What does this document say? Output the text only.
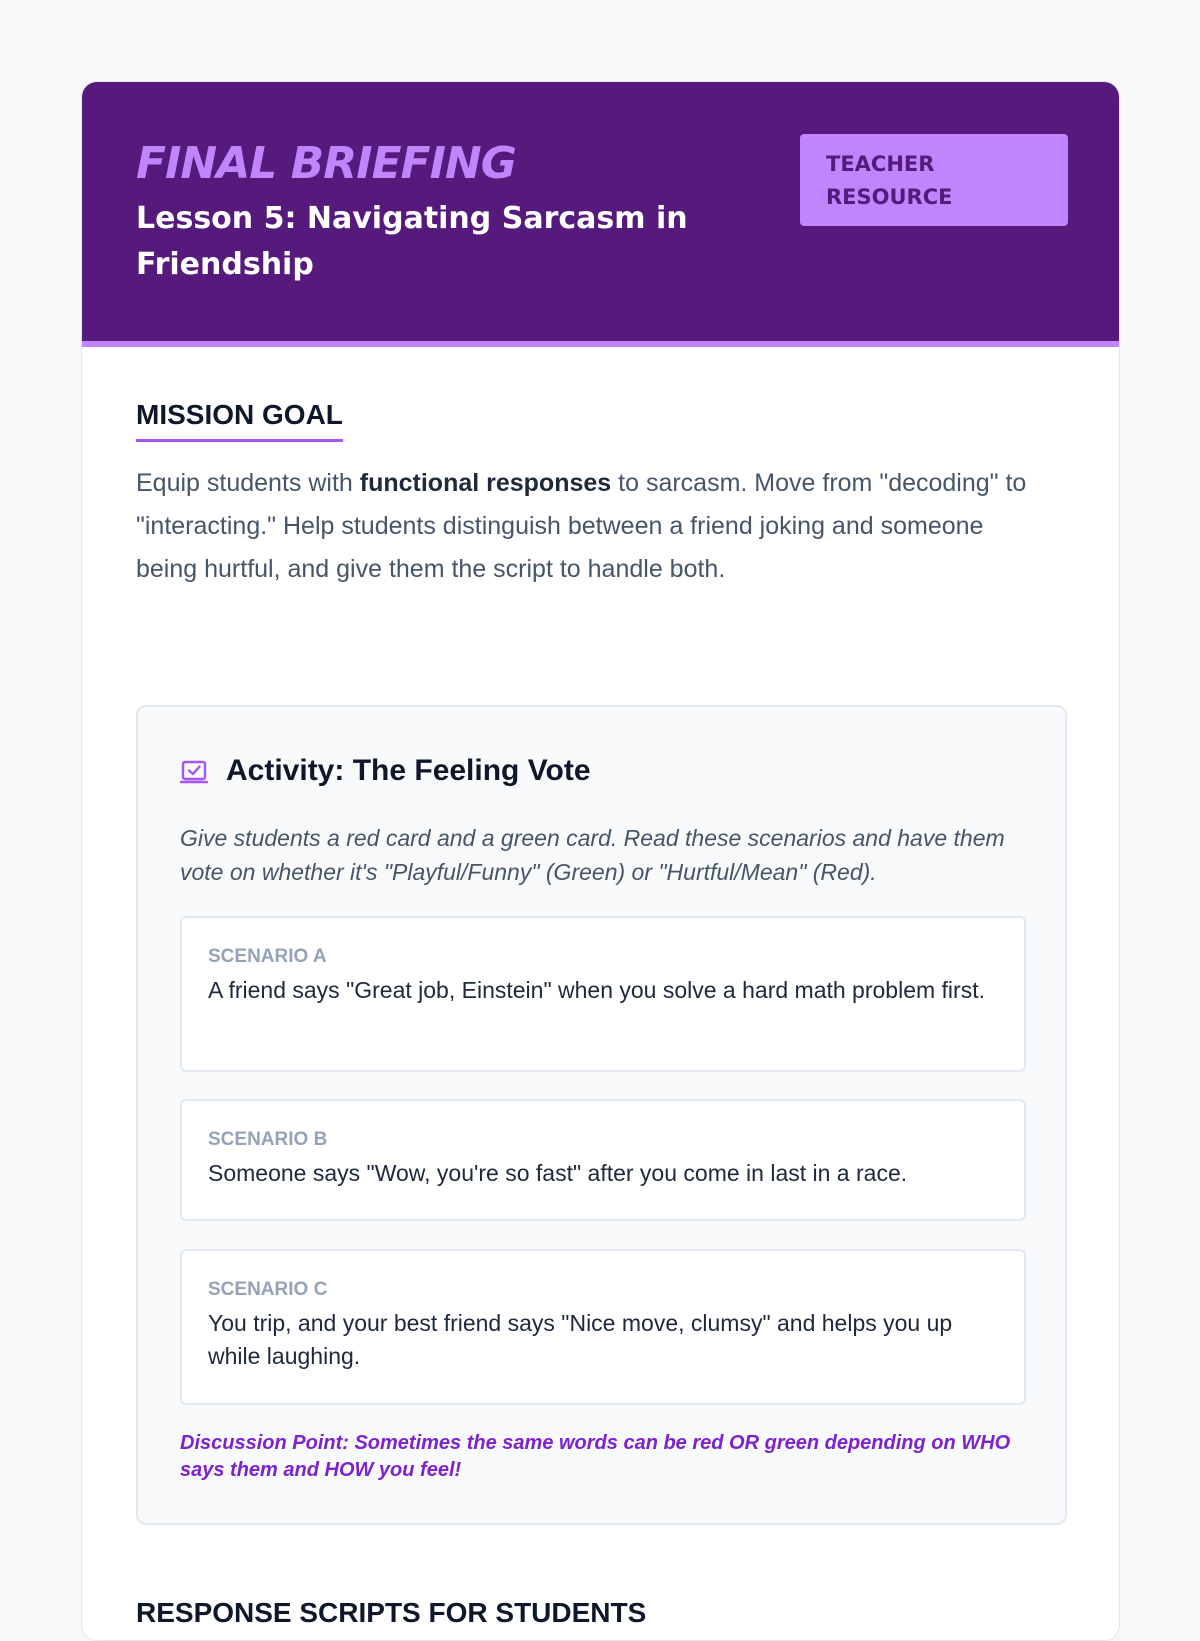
FINAL BRIEFING
Lesson 5: Navigating Sarcasm in Friendship
TEACHER RESOURCE
MISSION GOAL

Equip students with functional responses to sarcasm. Move from "decoding" to "interacting." Help students distinguish between a friend joking and someone being hurtful, and give them the script to handle both.

Activity: The Feeling Vote

Give students a red card and a green card. Read these scenarios and have them vote on whether it's "Playful/Funny" (Green) or "Hurtful/Mean" (Red).

SCENARIO A

A friend says "Great job, Einstein" when you solve a hard math problem first.

SCENARIO B

Someone says "Wow, you're so fast" after you come in last in a race.

SCENARIO C

You trip, and your best friend says "Nice move, clumsy" and helps you up while laughing.

Discussion Point: Sometimes the same words can be red OR green depending on WHO says them and HOW you feel!

RESPONSE SCRIPTS FOR STUDENTS
